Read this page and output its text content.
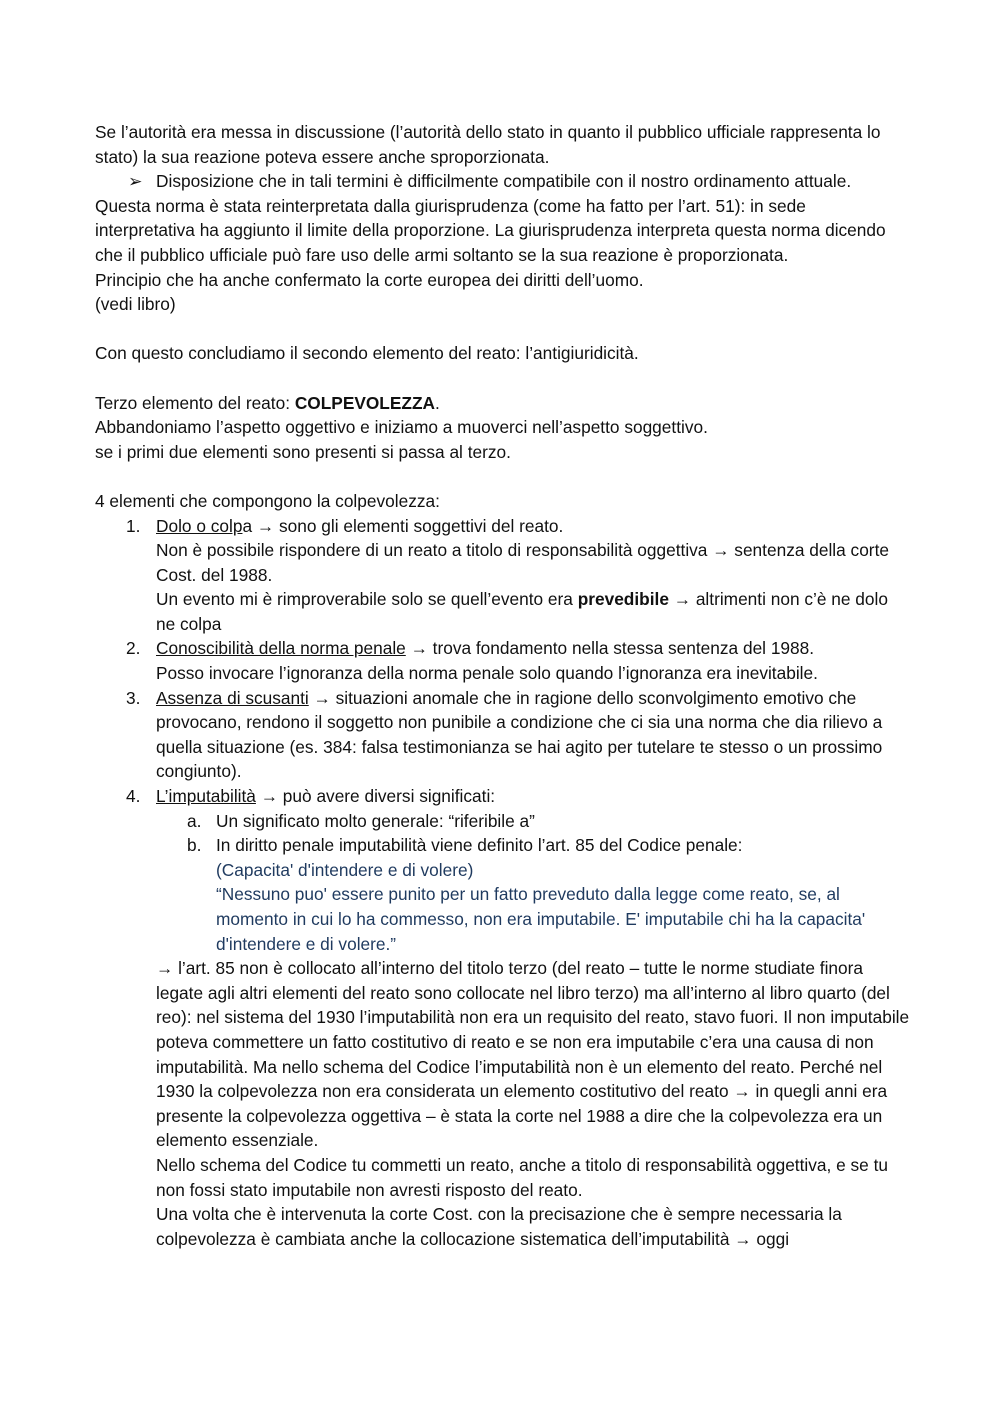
Se l’autorità era messa in discussione (l’autorità dello stato in quanto il pubblico ufficiale rappresenta lo stato) la sua reazione poteva essere anche sproporzionata.

➢ Disposizione che in tali termini è difficilmente compatibile con il nostro ordinamento attuale.

Questa norma è stata reinterpretata dalla giurisprudenza (come ha fatto per l’art. 51): in sede interpretativa ha aggiunto il limite della proporzione. La giurisprudenza interpreta questa norma dicendo che il pubblico ufficiale può fare uso delle armi soltanto se la sua reazione è proporzionata.

Principio che ha anche confermato la corte europea dei diritti dell’uomo.

(vedi libro)

Con questo concludiamo il secondo elemento del reato: l’antigiuridicità.

Terzo elemento del reato: COLPEVOLEZZA.

Abbandoniamo l’aspetto oggettivo e iniziamo a muoverci nell’aspetto soggettivo.

se i primi due elementi sono presenti si passa al terzo.

4 elementi che compongono la colpevolezza:

1. Dolo o colpa → sono gli elementi soggettivi del reato.
Non è possibile rispondere di un reato a titolo di responsabilità oggettiva → sentenza della corte Cost. del 1988.
Un evento mi è rimproverabile solo se quell’evento era prevedibile → altrimenti non c’è ne dolo ne colpa
2. Conoscibilità della norma penale → trova fondamento nella stessa sentenza del 1988.
Posso invocare l’ignoranza della norma penale solo quando l’ignoranza era inevitabile.
3. Assenza di scusanti → situazioni anomale che in ragione dello sconvolgimento emotivo che provocano, rendono il soggetto non punibile a condizione che ci sia una norma che dia rilievo a quella situazione (es. 384: falsa testimonianza se hai agito per tutelare te stesso o un prossimo congiunto).
4. L’imputabilità → può avere diversi significati:
a. Un significato molto generale: “riferibile a”
b. In diritto penale imputabilità viene definito l’art. 85 del Codice penale:
(Capacita' d'intendere e di volere)
“Nessuno puo' essere punito per un fatto preveduto dalla legge come reato, se, al momento in cui lo ha commesso, non era imputabile. E' imputabile chi ha la capacita' d'intendere e di volere.”
→ l’art. 85 non è collocato all’interno del titolo terzo (del reato – tutte le norme studiate finora legate agli altri elementi del reato sono collocate nel libro terzo) ma all’interno al libro quarto (del reo): nel sistema del 1930 l’imputabilità non era un requisito del reato, stavo fuori. Il non imputabile poteva commettere un fatto costitutivo di reato e se non era imputabile c’era una causa di non imputabilità. Ma nello schema del Codice l’imputabilità non è un elemento del reato. Perché nel 1930 la colpevolezza non era considerata un elemento costitutivo del reato → in quegli anni era presente la colpevolezza oggettiva – è stata la corte nel 1988 a dire che la colpevolezza era un elemento essenziale.
Nello schema del Codice tu commetti un reato, anche a titolo di responsabilità oggettiva, e se tu non fossi stato imputabile non avresti risposto del reato.
Una volta che è intervenuta la corte Cost. con la precisazione che è sempre necessaria la colpevolezza è cambiata anche la collocazione sistematica dell’imputabilità → oggi
